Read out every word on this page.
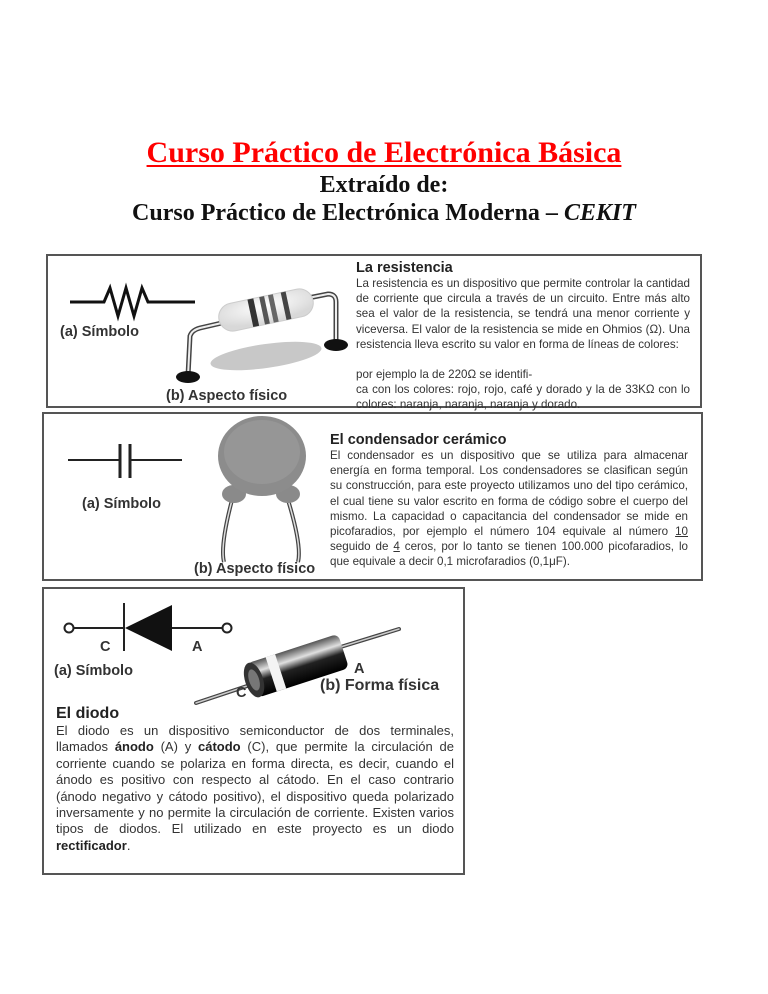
Curso Práctico de Electrónica Básica
Extraído de:
Curso Práctico de Electrónica Moderna – CEKIT
(a) Símbolo
(b) Aspecto físico
La resistencia
La resistencia es un dispositivo que permite controlar la cantidad de corriente que circula a través de un circuito. Entre más alto sea el valor de la resistencia, se tendrá una menor corriente y viceversa. El valor de la resistencia se mide en Ohmios (Ω). Una resistencia lleva escrito su valor en forma de líneas de colores:
por ejemplo la de 220Ω se identifi-
ca con los colores: rojo, rojo, café y dorado y la de 33KΩ con lo colores: naranja, naranja, naranja y dorado.
(a) Símbolo
(b) Aspecto físico
El condensador cerámico
El condensador es un dispositivo que se utiliza para almacenar energía en forma temporal. Los condensadores se clasifican según su construcción, para este proyecto utilizamos uno del tipo cerámico, el cual tiene su valor escrito en forma de código sobre el cuerpo del mismo. La capacidad o capacitancia del condensador se mide en picofaradios, por ejemplo el número 104 equivale al número 10 seguido de 4 ceros, por lo tanto se tienen 100.000 picofaradios, lo que equivale a decir 0,1 microfaradios (0,1μF).
C	A
(a) Símbolo
C
A
(b) Forma física
El diodo
El diodo es un dispositivo semiconductor de dos terminales, llamados ánodo (A) y cátodo (C), que permite la circulación de corriente cuando se polariza en forma directa, es decir, cuando el ánodo es positivo con respecto al cátodo. En el caso contrario (ánodo negativo y cátodo positivo), el dispositivo queda polarizado inversamente y no permite la circulación de corriente. Existen varios tipos de diodos. El utilizado en este proyecto es un diodo rectificador.
